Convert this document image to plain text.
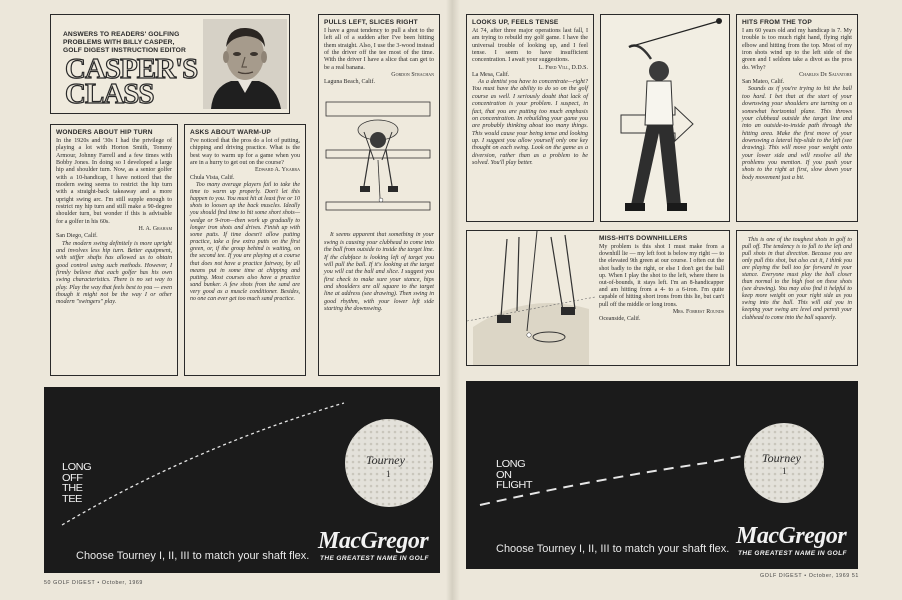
ANSWERS TO READERS' GOLFING
PROBLEMS WITH BILLY CASPER,
GOLF DIGEST INSTRUCTION EDITOR
CASPER'S
CLASS
WONDERS ABOUT HIP TURN
In the 1920s and '30s I had the privilege of playing a lot with Horton Smith, Tommy Armour, Johnny Farrell and a few times with Bobby Jones. In doing so I developed a large hip and shoulder turn. Now, as a senior golfer with a 10-handicap, I have noticed that the modern swing seems to restrict the hip turn with a straight-back takeaway and a more upright swing arc. I'm still supple enough to restrict my hip turn and still make a 90-degree shoulder turn, but wonder if this is advisable for a golfer in his 60s.
H. A. Graham
San Diego, Calif.
The modern swing definitely is more upright and involves less hip turn. Better equipment, with stiffer shafts has allowed us to obtain good control using such methods. However, I firmly believe that each golfer has his own swing characteristics. There is no set way to play. Play the way that feels best to you — even though it might not be the way I or other modern "swingers" play.
ASKS ABOUT WARM-UP
I've noticed that the pros do a lot of putting, chipping and driving practice. What is the best way to warm up for a game when you are in a hurry to get out on the course?
Edward A. Ykarra
Chula Vista, Calif.
Too many average players fail to take the time to warm up properly. Don't let this happen to you. You must hit at least five or 10 shots to loosen up the back muscles. Ideally you should find time to hit some short shots—wedge or 9-iron—then work up gradually to longer iron shots and drives. Finish up with some putts. If time doesn't allow putting practice, take a few extra putts on the first green, or, if the group behind is waiting, on the second tee. If you are playing at a course that does not have a practice fairway, by all means put in some time at chipping and putting. Most courses also have a practice sand bunker. A few shots from the sand are very good as a muscle conditioner. Besides, no one can ever get too much sand practice.
PULLS LEFT, SLICES RIGHT
I have a great tendency to pull a shot to the left all of a sudden after I've been hitting them straight. Also, I use the 3-wood instead of the driver off the tee most of the time. With the driver I have a slice that can get to be a real banana.
Gordon Strachan
Laguna Beach, Calif.
It seems apparent that something in your swing is causing your clubhead to come into the ball from outside to inside the target line. If the clubface is looking left of target you will pull the ball. If it's looking at the target you will cut the ball and slice. I suggest you first check to make sure your stance, hips and shoulders are all square to the target line at address (see drawing). Then swing in good rhythm, with your lower left side starting the downswing.
Tourney
1
LONG
OFF
THE
TEE
Choose Tourney I, II, III to match your shaft flex.
MacGregor
THE GREATEST NAME IN GOLF
50 GOLF DIGEST • October, 1969
LOOKS UP, FEELS TENSE
At 74, after three major operations last fall, I am trying to rebuild my golf game. I have the universal trouble of looking up, and I feel tense. I seem to have insufficient concentration. I await your suggestions.
L. Fred Vill, D.D.S.
La Mesa, Calif.
As a dentist you have to concentrate—right? You must have the ability to do so on the golf course as well. I seriously doubt that lack of concentration is your problem. I suspect, in fact, that you are putting too much emphasis on concentration. In rebuilding your game you are probably thinking about too many things. This would cause your being tense and looking up. I suggest you allow yourself only one key thought on each swing. Look on the game as a diversion, rather than as a problem to be solved. You'll play better.
HITS FROM THE TOP
I am 60 years old and my handicap is 7. My trouble is too much right hand, flying right elbow and hitting from the top. Most of my iron shots wind up to the left side of the green and I seldom take a divot as the pros do. Why?
Charles De Salvatore
San Mateo, Calif.
Sounds as if you're trying to hit the ball too hard. I bet that at the start of your downswing your shoulders are turning on a somewhat horizontal plane. This throws your clubhead outside the target line and into an outside-to-inside path through the hitting area. Make the first move of your downswing a lateral hip-slide to the left (see drawing). This will move your weight onto your lower side and will resolve all the problems you mention. If you push your shots to the right at first, slow down your body movement just a bit.
MISS-HITS DOWNHILLERS
My problem is this shot I must make from a downhill lie — my left foot is below my right — to the elevated 9th green at our course. I often cut the shot badly to the right, or else I don't get the ball up. When I play the shot to the left, where there is out-of-bounds, it stays left. I'm an 8-handicapper and am hitting from a 4- to a 6-iron. I'm quite capable of hitting short irons from this lie, but can't pull off the middle or long irons.
Mrs. Forrest Rounds
Oceanside, Calif.
This is one of the toughest shots in golf to pull off. The tendency is to fall to the left and pull shots in that direction. Because you are only pull this shot, but also cut it, I think you are playing the ball too far forward in your stance. Everyone must play the ball closer than normal to the high foot on these shots (see drawing). You may also find it helpful to keep more weight on your right side as you swing into the ball. This will aid you in keeping your swing arc level and permit your clubhead to come into the ball squarely.
Tourney
1
LONG
ON
FLIGHT
Choose Tourney I, II, III to match your shaft flex. MacGregor
THE GREATEST NAME IN GOLF
GOLF DIGEST • October, 1969 51
